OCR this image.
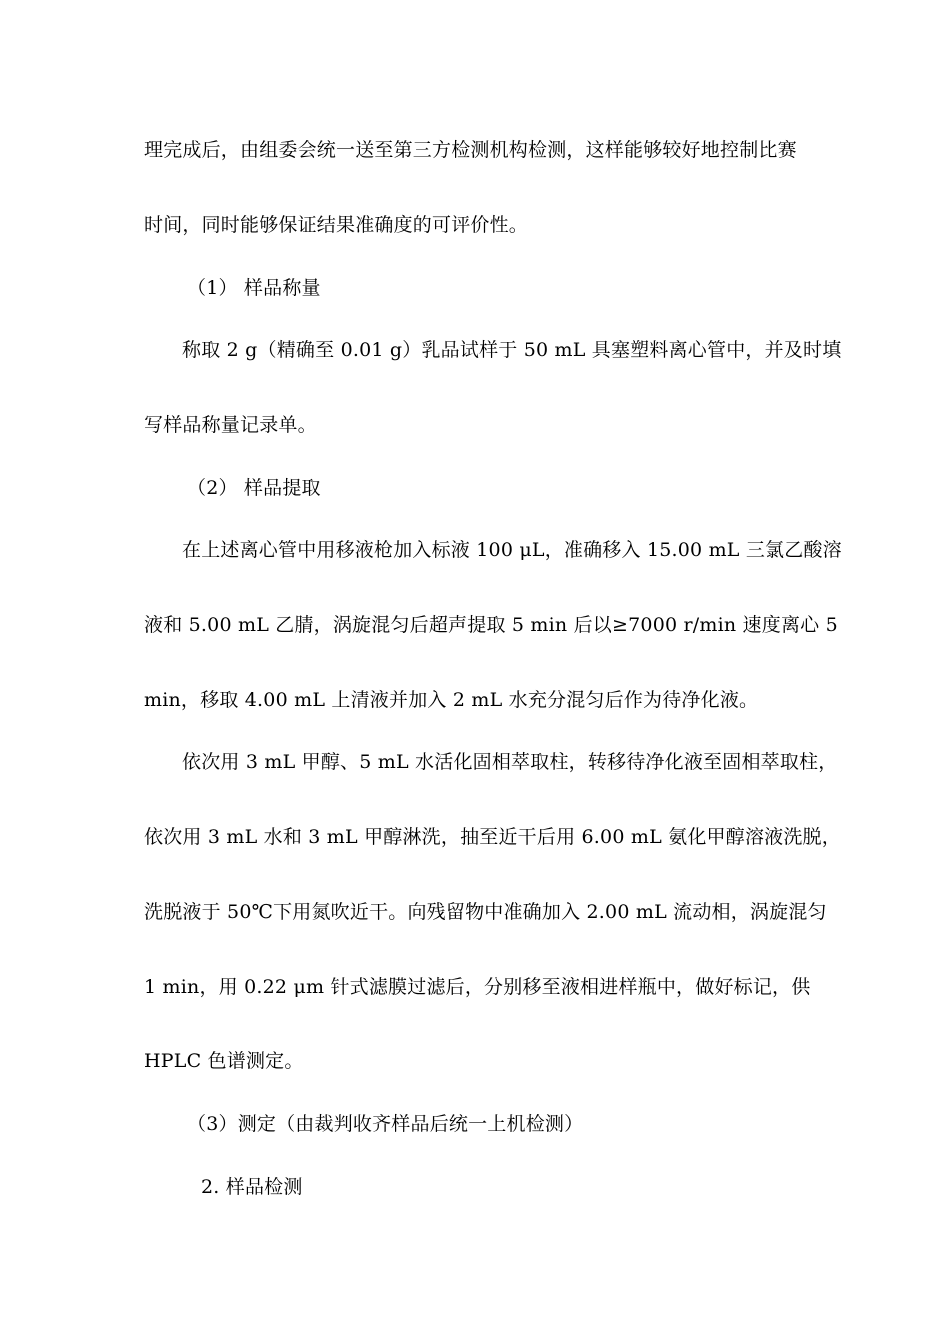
理完成后，由组委会统一送至第三方检测机构检测，这样能够较好地控制比赛
时间，同时能够保证结果准确度的可评价性。
（1） 样品称量
称取 2 g（精确至 0.01 g）乳品试样于 50 mL 具塞塑料离心管中，并及时填
写样品称量记录单。
（2） 样品提取
在上述离心管中用移液枪加入标液 100 μL，准确移入 15.00 mL 三氯乙酸溶
液和 5.00 mL 乙腈，涡旋混匀后超声提取 5 min 后以≥7000 r/min 速度离心 5
min，移取 4.00 mL 上清液并加入 2 mL 水充分混匀后作为待净化液。
依次用 3 mL 甲醇、5 mL 水活化固相萃取柱，转移待净化液至固相萃取柱，
依次用 3 mL 水和 3 mL 甲醇淋洗，抽至近干后用 6.00 mL 氨化甲醇溶液洗脱，
洗脱液于 50℃下用氮吹近干。向残留物中准确加入 2.00 mL 流动相，涡旋混匀
1 min，用 0.22 μm 针式滤膜过滤后，分别移至液相进样瓶中，做好标记，供
HPLC 色谱测定。
（3）测定（由裁判收齐样品后统一上机检测）
2. 样品检测
